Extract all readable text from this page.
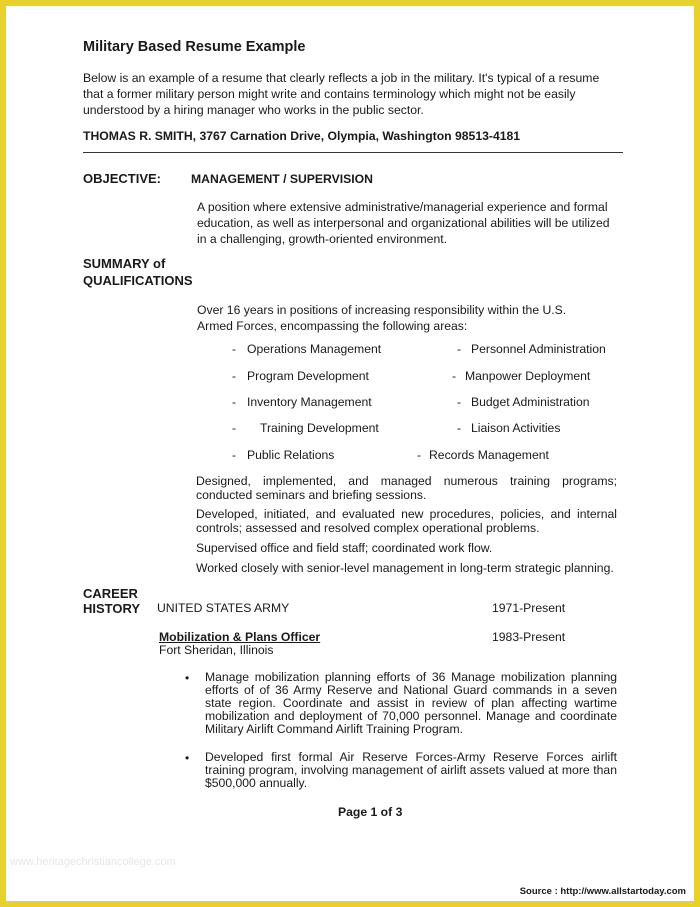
Military Based Resume Example
Below is an example of a resume that clearly reflects a job in the military. It's typical of a resume that a former military person might write and contains terminology which might not be easily understood by a hiring manager who works in the public sector.
THOMAS R. SMITH, 3767 Carnation Drive, Olympia, Washington 98513-4181
OBJECTIVE: MANAGEMENT / SUPERVISION
A position where extensive administrative/managerial experience and formal education, as well as interpersonal and organizational abilities will be utilized in a challenging, growth-oriented environment.
SUMMARY of
QUALIFICATIONS
Over 16 years in positions of increasing responsibility within the U.S. Armed Forces, encompassing the following areas:
- Operations Management	- Personnel Administration
- Program Development	- Manpower Deployment
- Inventory Management	- Budget Administration
- Training Development	- Liaison Activities
- Public Relations	- Records Management
Designed, implemented, and managed numerous training programs; conducted seminars and briefing sessions.
Developed, initiated, and evaluated new procedures, policies, and internal controls; assessed and resolved complex operational problems.
Supervised office and field staff; coordinated work flow.
Worked closely with senior-level management in long-term strategic planning.
CAREER
HISTORY UNITED STATES ARMY	1971-Present
Mobilization & Plans Officer	1983-Present
Fort Sheridan, Illinois
• Manage mobilization planning efforts of 36 Manage mobilization planning efforts of of 36 Army Reserve and National Guard commands in a seven state region. Coordinate and assist in review of plan affecting wartime mobilization and deployment of 70,000 personnel. Manage and coordinate Military Airlift Command Airlift Training Program.
• Developed first formal Air Reserve Forces-Army Reserve Forces airlift training program, involving management of airlift assets valued at more than $500,000 annually.
Page 1 of 3
www.heritagechristiancollege.com
Source : http://www.allstartoday.com
